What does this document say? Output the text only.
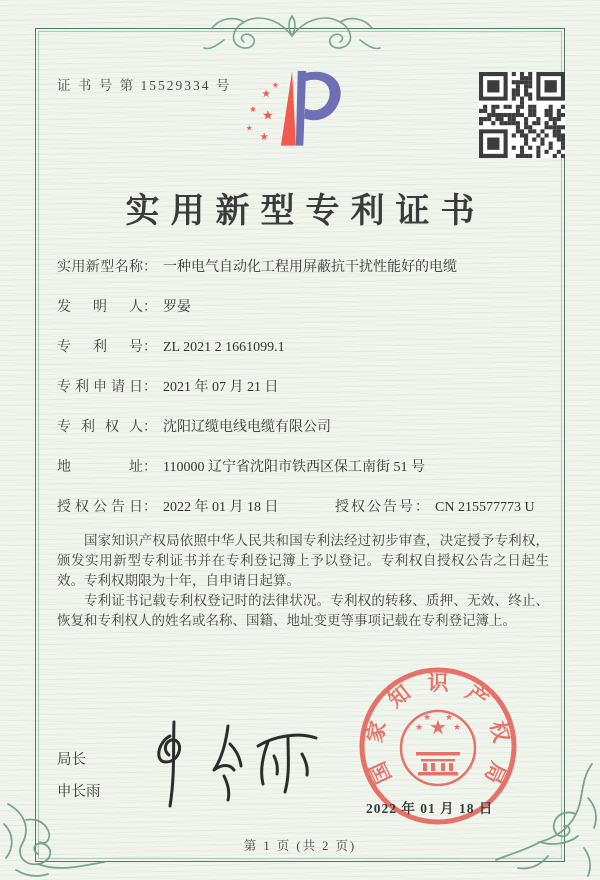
证 书 号 第 15529334 号
★
★
★ ★
★
★
实用新型专利证书
实用新型名称 ： 一种电气自动化工程用屏蔽抗干扰性能好的电缆
发明人 ： 罗晏
专利号 ： ZL 2021 2 1661099.1
专利申请日 ： 2021 年 07 月 21 日
专利权人 ： 沈阳辽缆电线电缆有限公司
地址 ： 110000 辽宁省沈阳市铁西区保工南街 51 号
授权公告日 ： 2022 年 01 月 18 日	授权公告号 ： CN 215577773 U

国家知识产权局依照中华人民共和国专利法经过初步审查，决定授予专利权，颁发实用新型专利证书并在专利登记簿上予以登记。专利权自授权公告之日起生效。专利权期限为十年，自申请日起算。

专利证书记载专利权登记时的法律状况。专利权的转移、质押、无效、终止、恢复和专利权人的姓名或名称、国籍、地址变更等事项记载在专利登记簿上。

局长
申长雨
国
家
知 识 产
权
局
★
★
★ ★
★
2022 年 01 月 18 日
第 1 页 (共 2 页)
